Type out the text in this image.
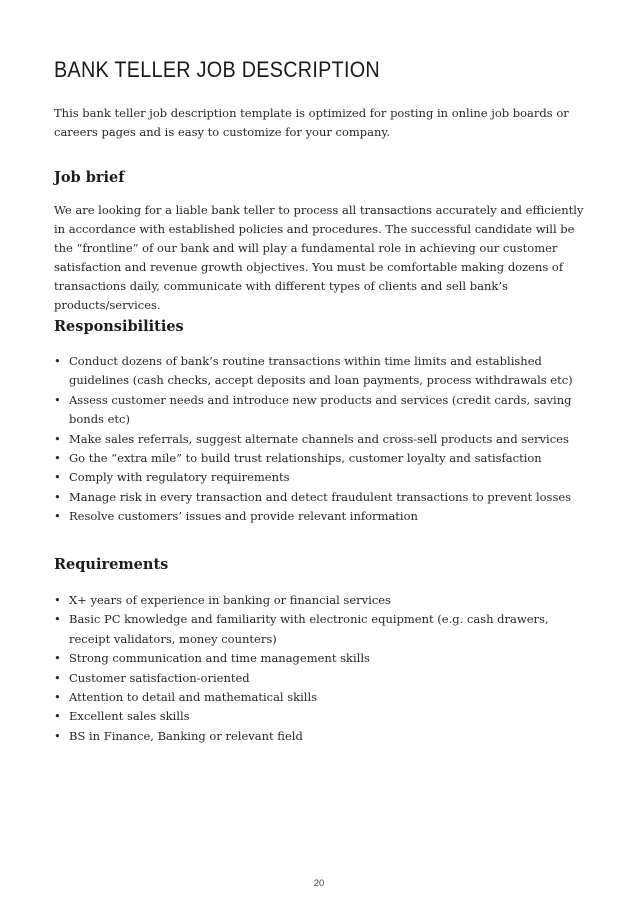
BANK TELLER JOB DESCRIPTION

This bank teller job description template is optimized for posting in online job boards or careers pages and is easy to customize for your company.

Job brief

We are looking for a liable bank teller to process all transactions accurately and efficiently in accordance with established policies and procedures. The successful candidate will be the “frontline” of our bank and will play a fundamental role in achieving our customer satisfaction and revenue growth objectives. You must be comfortable making dozens of transactions daily, communicate with different types of clients and sell bank’s products/services.

Responsibilities
• Conduct dozens of bank’s routine transactions within time limits and established guidelines (cash checks, accept deposits and loan payments, process withdrawals etc)
• Assess customer needs and introduce new products and services (credit cards, saving bonds etc)
• Make sales referrals, suggest alternate channels and cross-sell products and services
• Go the “extra mile” to build trust relationships, customer loyalty and satisfaction
• Comply with regulatory requirements
• Manage risk in every transaction and detect fraudulent transactions to prevent losses
• Resolve customers’ issues and provide relevant information
Requirements
• X+ years of experience in banking or financial services
• Basic PC knowledge and familiarity with electronic equipment (e.g. cash drawers, receipt validators, money counters)
• Strong communication and time management skills
• Customer satisfaction-oriented
• Attention to detail and mathematical skills
• Excellent sales skills
• BS in Finance, Banking or relevant field
20
